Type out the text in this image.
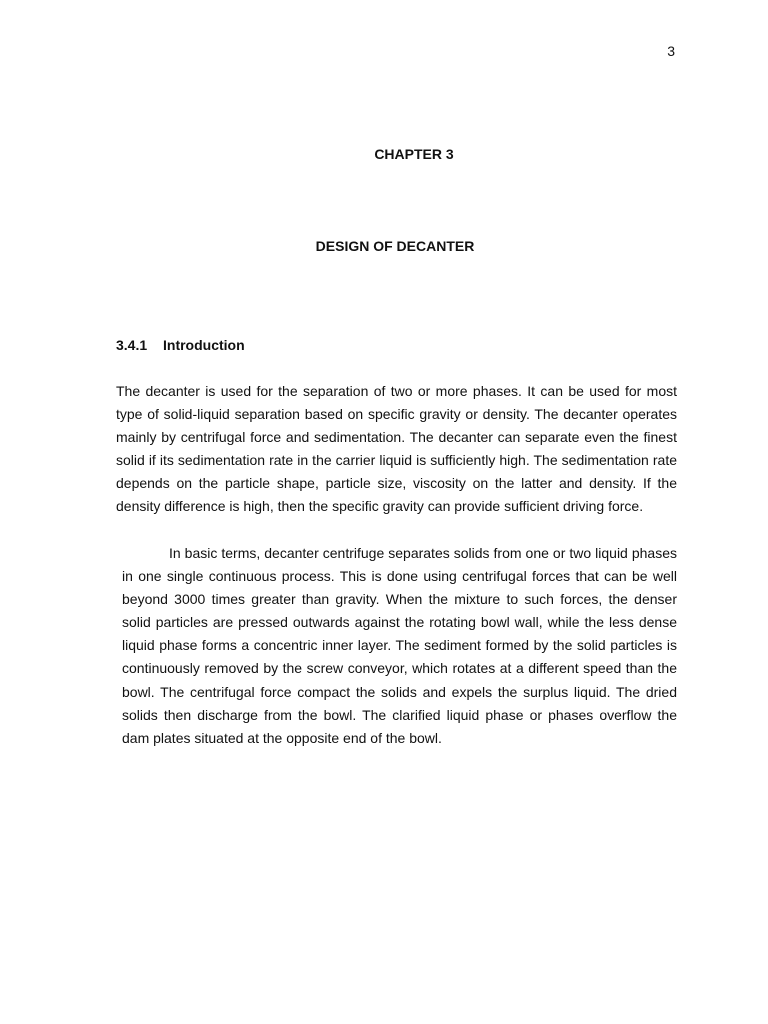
3
CHAPTER 3
DESIGN OF DECANTER
3.4.1 Introduction

The decanter is used for the separation of two or more phases. It can be used for most type of solid-liquid separation based on specific gravity or density. The decanter operates mainly by centrifugal force and sedimentation. The decanter can separate even the finest solid if its sedimentation rate in the carrier liquid is sufficiently high. The sedimentation rate depends on the particle shape, particle size, viscosity on the latter and density. If the density difference is high, then the specific gravity can provide sufficient driving force.

In basic terms, decanter centrifuge separates solids from one or two liquid phases in one single continuous process. This is done using centrifugal forces that can be well beyond 3000 times greater than gravity. When the mixture to such forces, the denser solid particles are pressed outwards against the rotating bowl wall, while the less dense liquid phase forms a concentric inner layer. The sediment formed by the solid particles is continuously removed by the screw conveyor, which rotates at a different speed than the bowl. The centrifugal force compact the solids and expels the surplus liquid. The dried solids then discharge from the bowl. The clarified liquid phase or phases overflow the dam plates situated at the opposite end of the bowl.
